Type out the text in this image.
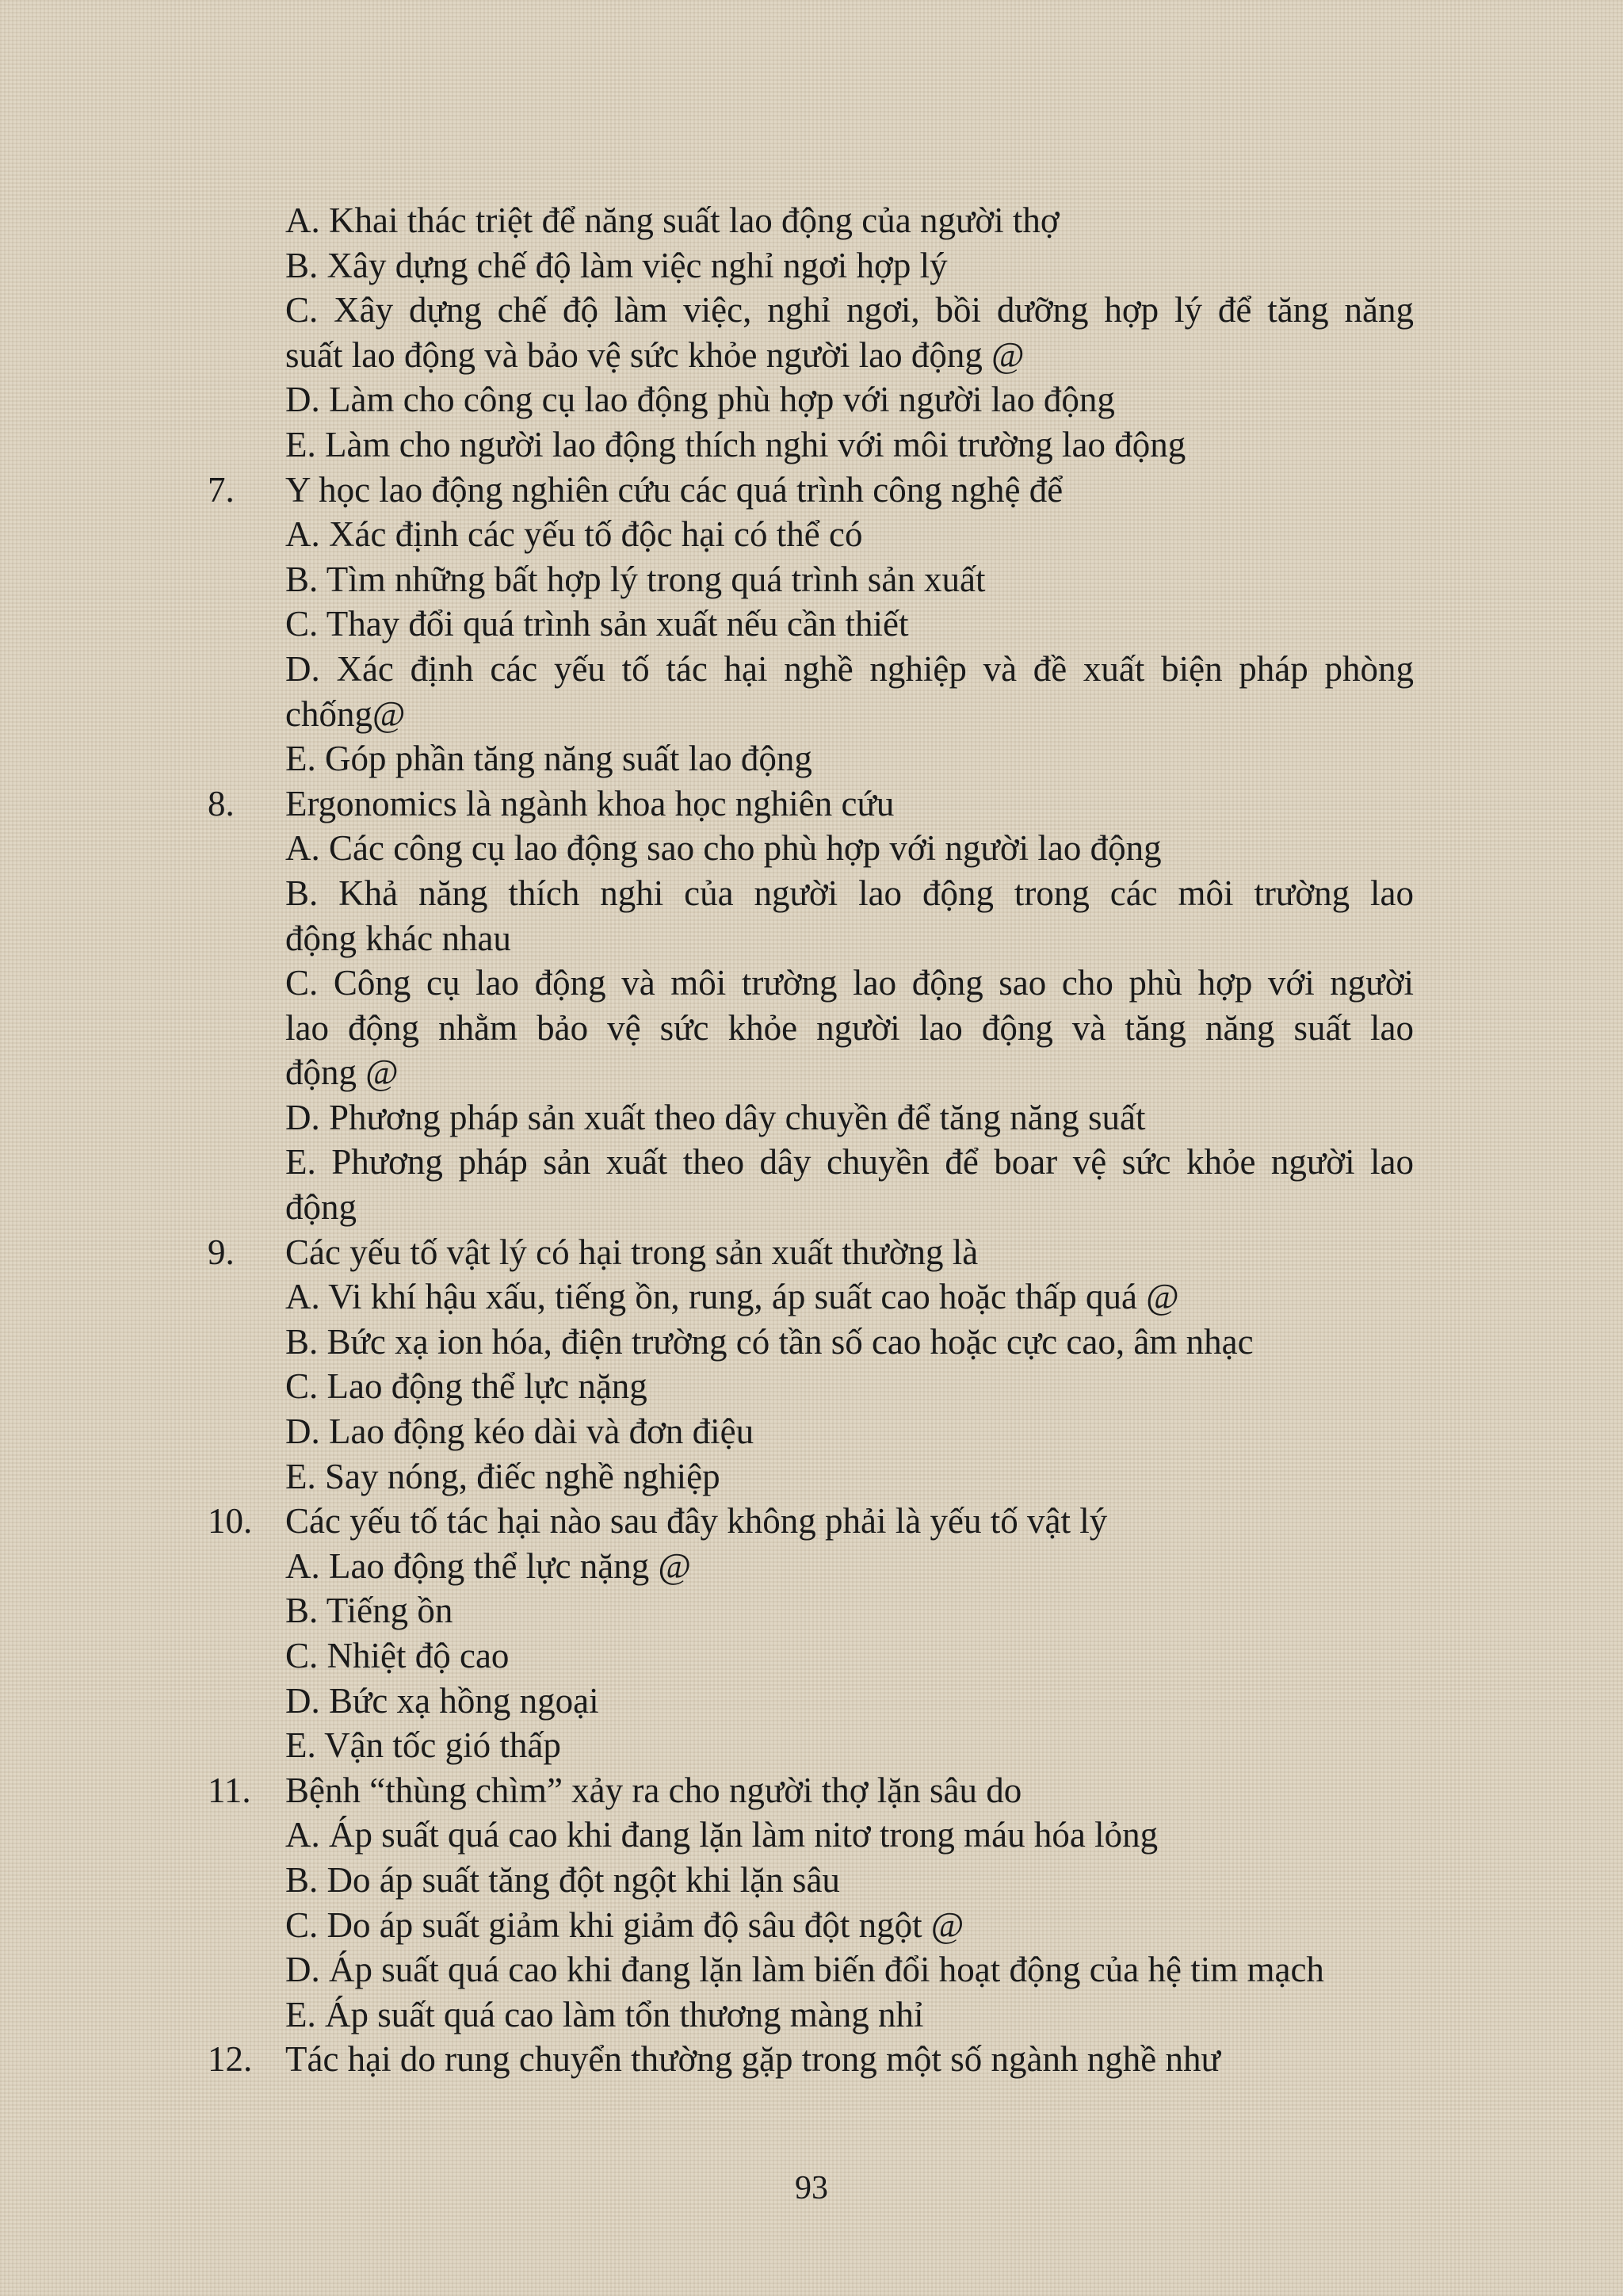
A. Khai thác triệt để năng suất lao động của người thợ
B. Xây dựng chế độ làm việc nghỉ ngơi hợp lý
C. Xây dựng chế độ làm việc, nghỉ ngơi, bồi dưỡng hợp lý để tăng năng
suất lao động và bảo vệ sức khỏe người lao động @
D. Làm cho công cụ lao động phù hợp với người lao động
E. Làm cho người lao động thích nghi với môi trường lao động
7. Y học lao động nghiên cứu các quá trình công nghệ để
A. Xác định các yếu tố độc hại có thể có
B. Tìm những bất hợp lý trong quá trình sản xuất
C. Thay đổi quá trình sản xuất nếu cần thiết
D. Xác định các yếu tố tác hại nghề nghiệp và đề xuất biện pháp phòng
chống@
E. Góp phần tăng năng suất lao động
8. Ergonomics là ngành khoa học nghiên cứu
A. Các công cụ lao động sao cho phù hợp với người lao động
B. Khả năng thích nghi của người lao động trong các môi trường lao
động khác nhau
C. Công cụ lao động và môi trường lao động sao cho phù hợp với người
lao động nhằm bảo vệ sức khỏe người lao động và tăng năng suất lao
động @
D. Phương pháp sản xuất theo dây chuyền để tăng năng suất
E. Phương pháp sản xuất theo dây chuyền để boar vệ sức khỏe người lao
động
9. Các yếu tố vật lý có hại trong sản xuất thường là
A. Vi khí hậu xấu, tiếng ồn, rung, áp suất cao hoặc thấp quá @
B. Bức xạ ion hóa, điện trường có tần số cao hoặc cực cao, âm nhạc
C. Lao động thể lực nặng
D. Lao động kéo dài và đơn điệu
E. Say nóng, điếc nghề nghiệp
10. Các yếu tố tác hại nào sau đây không phải là yếu tố vật lý
A. Lao động thể lực nặng @
B. Tiếng ồn
C. Nhiệt độ cao
D. Bức xạ hồng ngoại
E. Vận tốc gió thấp
11. Bệnh “thùng chìm” xảy ra cho người thợ lặn sâu do
A. Áp suất quá cao khi đang lặn làm nitơ trong máu hóa lỏng
B. Do áp suất tăng đột ngột khi lặn sâu
C. Do áp suất giảm khi giảm độ sâu đột ngột @
D. Áp suất quá cao khi đang lặn làm biến đổi hoạt động của hệ tim mạch
E. Áp suất quá cao làm tổn thương màng nhỉ
12. Tác hại do rung chuyển thường gặp trong một số ngành nghề như
93
